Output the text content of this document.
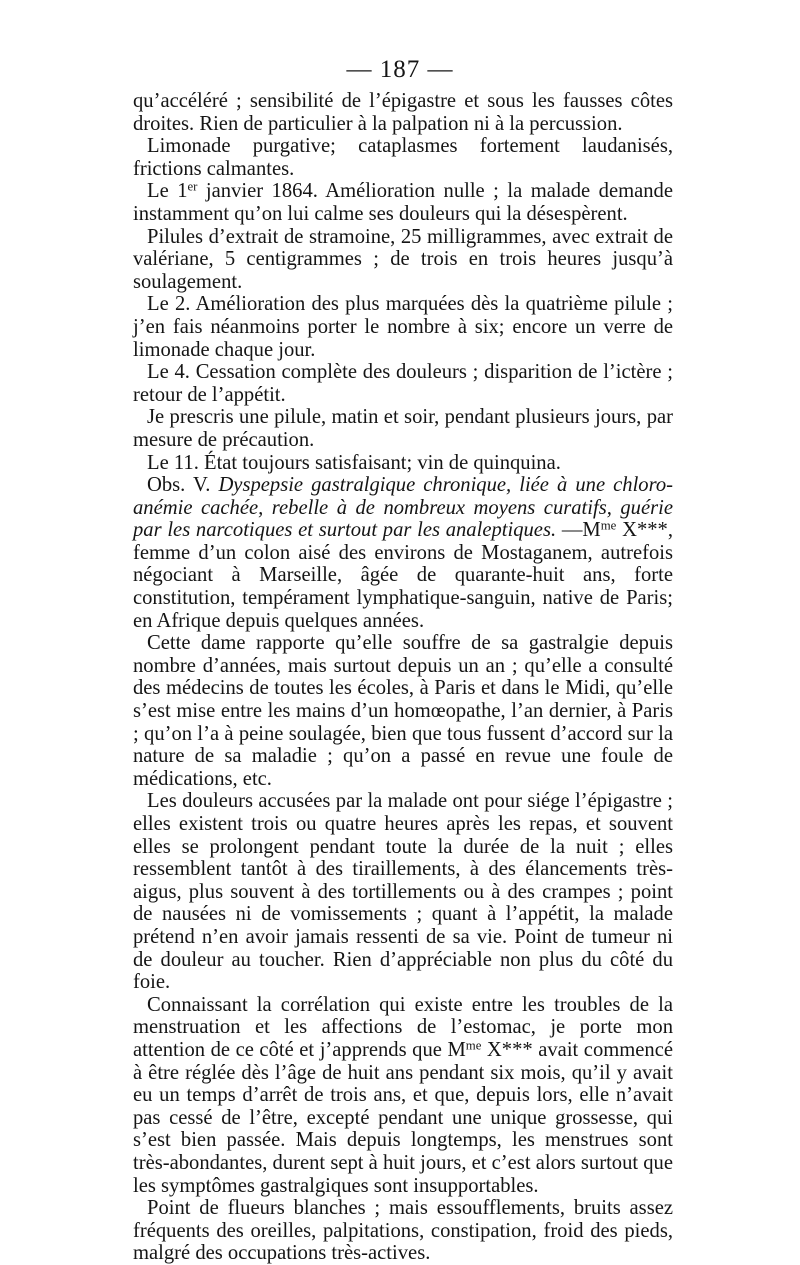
— 187 —

qu’accéléré ; sensibilité de l’épigastre et sous les fausses côtes droites. Rien de particulier à la palpation ni à la percussion.

Limonade purgative; cataplasmes fortement laudanisés, frictions calmantes.

Le 1er janvier 1864. Amélioration nulle ; la malade demande instamment qu’on lui calme ses douleurs qui la désespèrent.

Pilules d’extrait de stramoine, 25 milligrammes, avec extrait de valériane, 5 centigrammes ; de trois en trois heures jusqu’à soulagement.

Le 2. Amélioration des plus marquées dès la quatrième pilule ; j’en fais néanmoins porter le nombre à six; encore un verre de limonade chaque jour.

Le 4. Cessation complète des douleurs ; disparition de l’ictère ; retour de l’appétit.

Je prescris une pilule, matin et soir, pendant plusieurs jours, par mesure de précaution.

Le 11. État toujours satisfaisant; vin de quinquina.

Obs. V. Dyspepsie gastralgique chronique, liée à une chloro-anémie cachée, rebelle à de nombreux moyens curatifs, guérie par les narcotiques et surtout par les analeptiques. $—M^{me}$ X***, femme d’un colon aisé des environs de Mostaganem, autrefois négociant à Marseille, âgée de quarante-huit ans, forte constitution, tempérament lymphatique-sanguin, native de Paris; en Afrique depuis quelques années.

Cette dame rapporte qu’elle souffre de sa gastralgie depuis nombre d’années, mais surtout depuis un an ; qu’elle a consulté des médecins de toutes les écoles, à Paris et dans le Midi, qu’elle s’est mise entre les mains d’un homœopathe, l’an dernier, à Paris ; qu’on l’a à peine soulagée, bien que tous fussent d’accord sur la nature de sa maladie ; qu’on a passé en revue une foule de médications, etc.

Les douleurs accusées par la malade ont pour siége l’épigastre ; elles existent trois ou quatre heures après les repas, et souvent elles se prolongent pendant toute la durée de la nuit ; elles ressemblent tantôt à des tiraillements, à des élancements très-aigus, plus souvent à des tortillements ou à des crampes ; point de nausées ni de vomissements ; quant à l’appétit, la malade prétend n’en avoir jamais ressenti de sa vie. Point de tumeur ni de douleur au toucher. Rien d’appréciable non plus du côté du foie.

Connaissant la corrélation qui existe entre les troubles de la menstruation et les affections de l’estomac, je porte mon attention de ce côté et j’apprends que $M^{me}$ X*** avait commencé à être réglée dès l’âge de huit ans pendant six mois, qu’il y avait eu un temps d’arrêt de trois ans, et que, depuis lors, elle n’avait pas cessé de l’être, excepté pendant une unique grossesse, qui s’est bien passée. Mais depuis longtemps, les menstrues sont très-abondantes, durent sept à huit jours, et c’est alors surtout que les symptômes gastralgiques sont insupportables.

Point de flueurs blanches ; mais essoufflements, bruits assez fréquents des oreilles, palpitations, constipation, froid des pieds, malgré des occupations très-actives.
